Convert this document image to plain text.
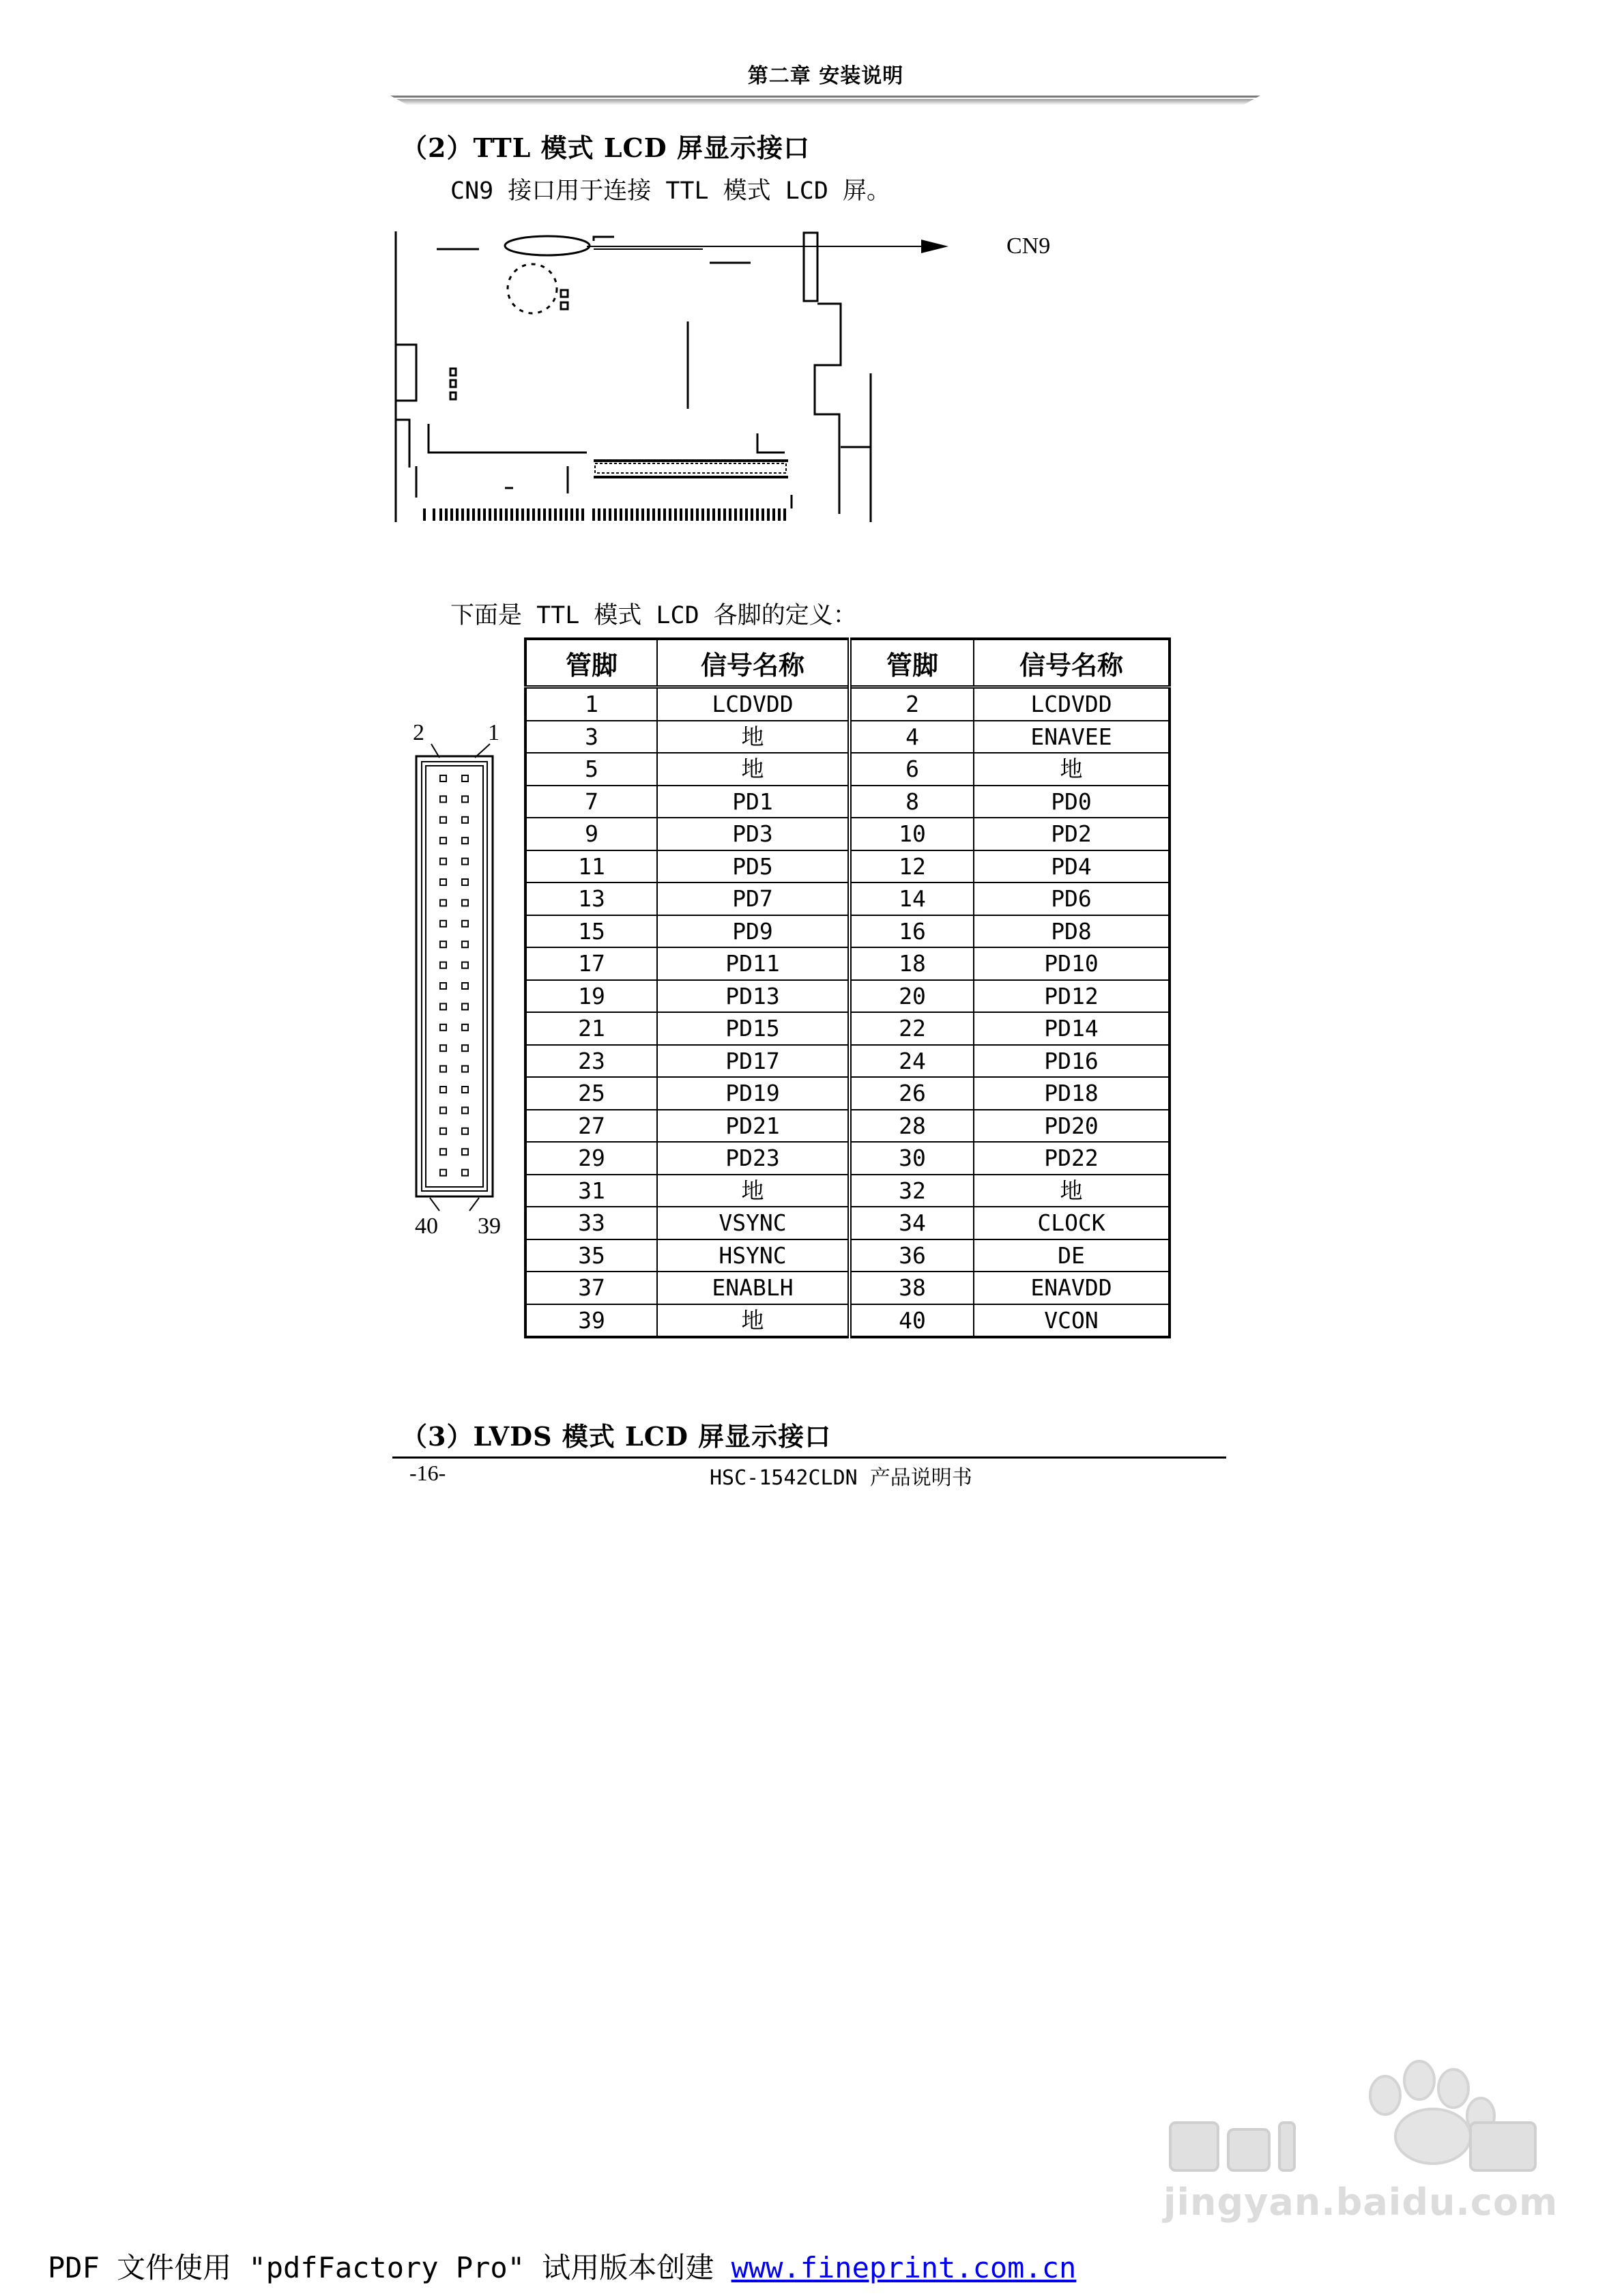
第二章 安装说明
（2）TTL 模式 LCD 屏显示接口
CN9 接口用于连接 TTL 模式 LCD 屏。
CN9
下面是 TTL 模式 LCD 各脚的定义：
2	1
40 39
管脚	信号名称	管脚	信号名称
1	LCDVDD	2	LCDVDD
3	地	4	ENAVEE
5	地	6	地
7	PD1	8	PD0
9	PD3	10	PD2
11	PD5	12	PD4
13	PD7	14	PD6
15	PD9	16	PD8
17	PD11	18	PD10
19	PD13	20	PD12
21	PD15	22	PD14
23	PD17	24	PD16
25	PD19	26	PD18
27	PD21	28	PD20
29	PD23	30	PD22
31	地	32	地
33	VSYNC	34	CLOCK
35	HSYNC	36	DE
37	ENABLH	38	ENAVDD
39	地	40	VCON
（3）LVDS 模式 LCD 屏显示接口
-16-	HSC-1542CLDN 产品说明书
jingyan.baidu.com
PDF 文件使用 "pdfFactory Pro" 试用版本创建 www.fineprint.com.cn
